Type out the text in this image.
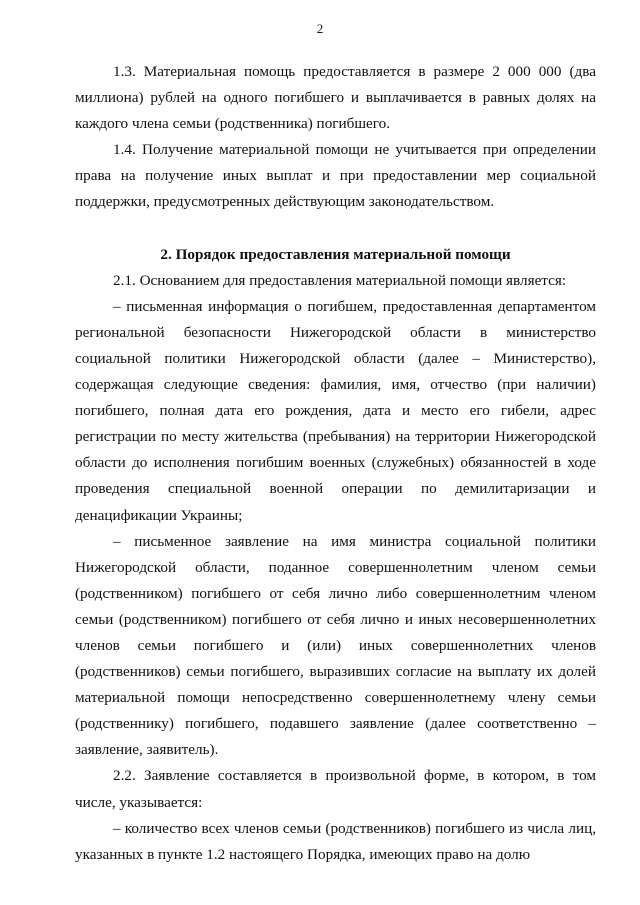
2

1.3. Материальная помощь предоставляется в размере 2 000 000 (два миллиона) рублей на одного погибшего и выплачивается в равных долях на каждого члена семьи (родственника) погибшего.

1.4. Получение материальной помощи не учитывается при определении права на получение иных выплат и при предоставлении мер социальной поддержки, предусмотренных действующим законодательством.

2. Порядок предоставления материальной помощи

2.1. Основанием для предоставления материальной помощи является:

– письменная информация о погибшем, предоставленная департаментом региональной безопасности Нижегородской области в министерство социальной политики Нижегородской области (далее – Министерство), содержащая следующие сведения: фамилия, имя, отчество (при наличии) погибшего, полная дата его рождения, дата и место его гибели, адрес регистрации по месту жительства (пребывания) на территории Нижегородской области до исполнения погибшим военных (служебных) обязанностей в ходе проведения специальной военной операции по демилитаризации и денацификации Украины;

– письменное заявление на имя министра социальной политики Нижегородской области, поданное совершеннолетним членом семьи (родственником) погибшего от себя лично либо совершеннолетним членом семьи (родственником) погибшего от себя лично и иных несовершеннолетних членов семьи погибшего и (или) иных совершеннолетних членов (родственников) семьи погибшего, выразивших согласие на выплату их долей материальной помощи непосредственно совершеннолетнему члену семьи (родственнику) погибшего, подавшего заявление (далее соответственно – заявление, заявитель).

2.2. Заявление составляется в произвольной форме, в котором, в том числе, указывается:

– количество всех членов семьи (родственников) погибшего из числа лиц, указанных в пункте 1.2 настоящего Порядка, имеющих право на долю
